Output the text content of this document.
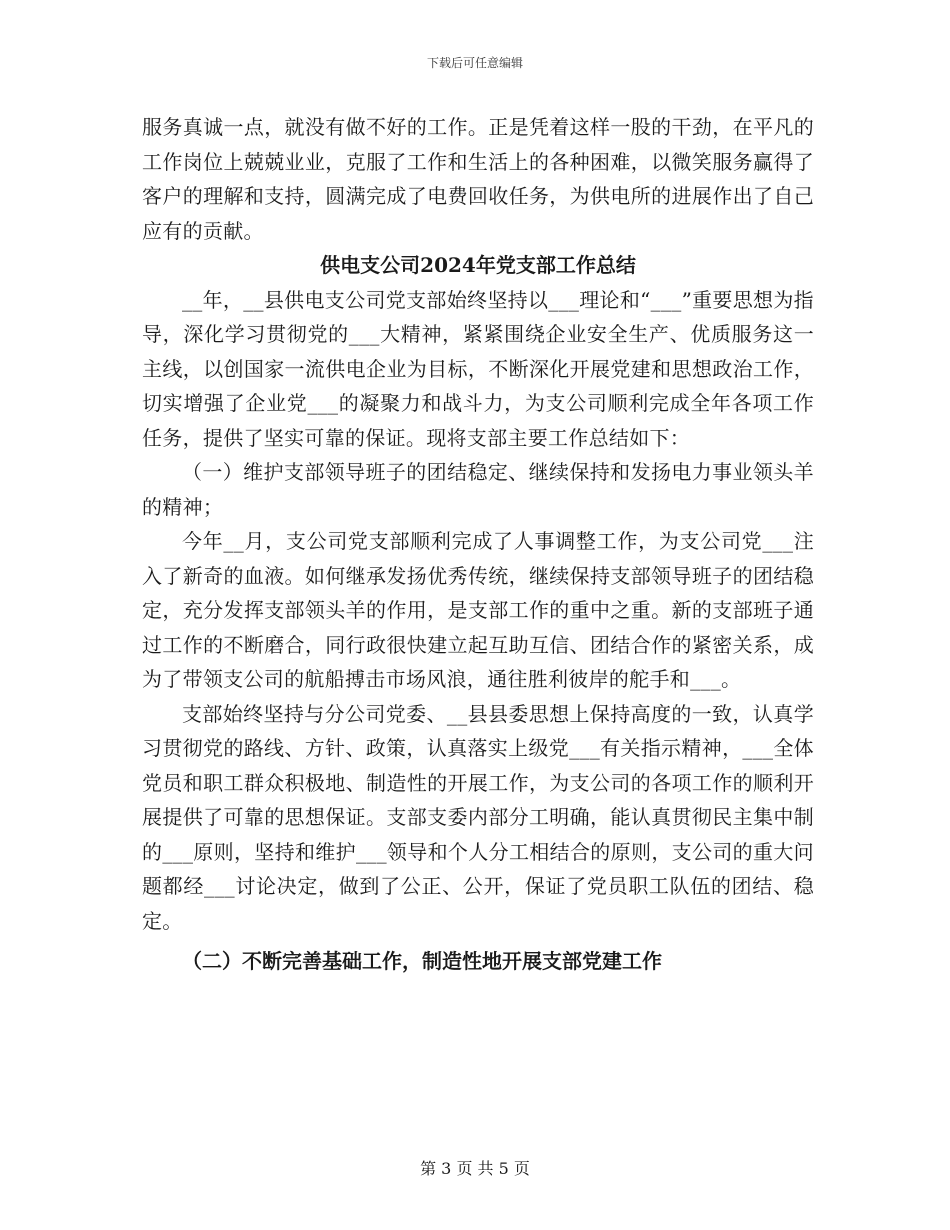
下载后可任意编辑

服务真诚一点，就没有做不好的工作。正是凭着这样一股的干劲，在平凡的工作岗位上兢兢业业，克服了工作和生活上的各种困难，以微笑服务赢得了客户的理解和支持，圆满完成了电费回收任务，为供电所的进展作出了自己应有的贡献。

供电支公司2024年党支部工作总结

__年，__县供电支公司党支部始终坚持以___理论和“___”重要思想为指导，深化学习贯彻党的___大精神，紧紧围绕企业安全生产、优质服务这一主线，以创国家一流供电企业为目标，不断深化开展党建和思想政治工作，切实增强了企业党___的凝聚力和战斗力，为支公司顺利完成全年各项工作任务，提供了坚实可靠的保证。现将支部主要工作总结如下：

（一）维护支部领导班子的团结稳定、继续保持和发扬电力事业领头羊的精神；

今年__月，支公司党支部顺利完成了人事调整工作，为支公司党___注入了新奇的血液。如何继承发扬优秀传统，继续保持支部领导班子的团结稳定，充分发挥支部领头羊的作用，是支部工作的重中之重。新的支部班子通过工作的不断磨合，同行政很快建立起互助互信、团结合作的紧密关系，成为了带领支公司的航船搏击市场风浪，通往胜利彼岸的舵手和___。

支部始终坚持与分公司党委、__县县委思想上保持高度的一致，认真学习贯彻党的路线、方针、政策，认真落实上级党___有关指示精神，___全体党员和职工群众积极地、制造性的开展工作，为支公司的各项工作的顺利开展提供了可靠的思想保证。支部支委内部分工明确，能认真贯彻民主集中制的___原则，坚持和维护___领导和个人分工相结合的原则，支公司的重大问题都经___讨论决定，做到了公正、公开，保证了党员职工队伍的团结、稳定。

（二）不断完善基础工作，制造性地开展支部党建工作

第 3 页 共 5 页
